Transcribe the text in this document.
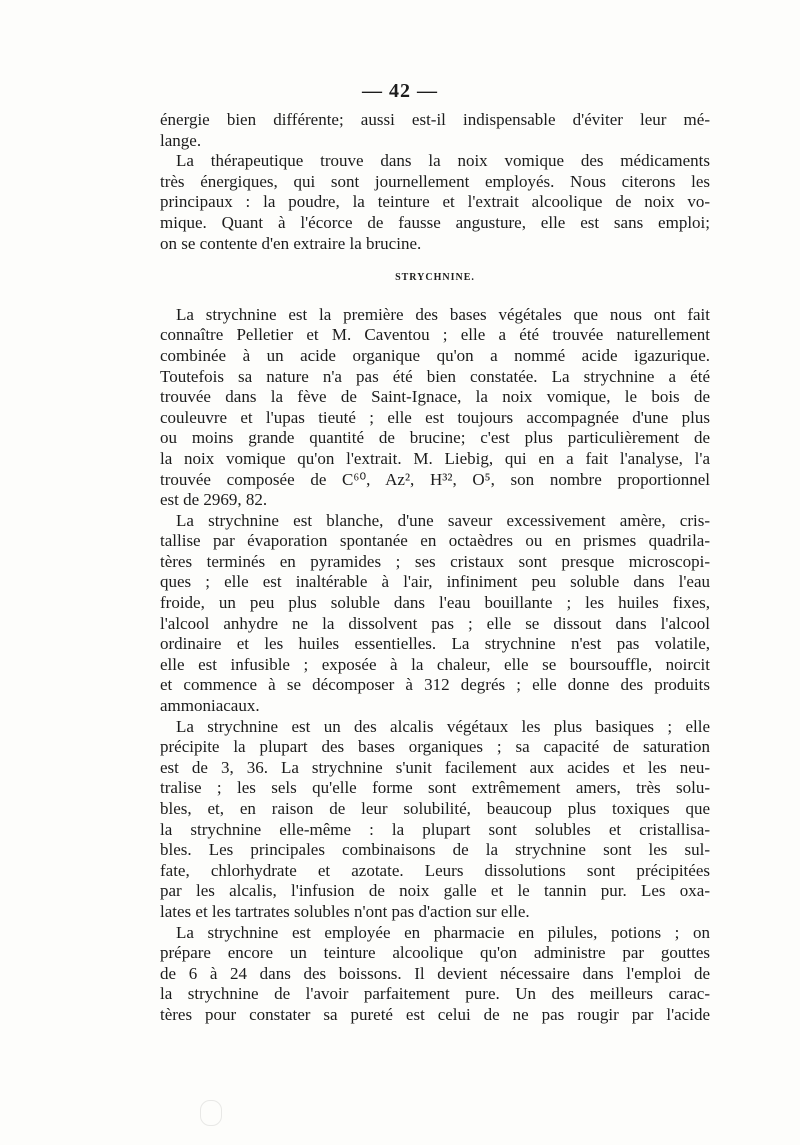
— 42 —
énergie bien différente; aussi est-il indispensable d'éviter leur mé-
lange.
La thérapeutique trouve dans la noix vomique des médicaments
très énergiques, qui sont journellement employés. Nous citerons les
principaux : la poudre, la teinture et l'extrait alcoolique de noix vo-
mique. Quant à l'écorce de fausse angusture, elle est sans emploi;
on se contente d'en extraire la brucine.
STRYCHNINE.
La strychnine est la première des bases végétales que nous ont fait
connaître Pelletier et M. Caventou ; elle a été trouvée naturellement
combinée à un acide organique qu'on a nommé acide igazurique.
Toutefois sa nature n'a pas été bien constatée. La strychnine a été
trouvée dans la fève de Saint-Ignace, la noix vomique, le bois de
couleuvre et l'upas tieuté ; elle est toujours accompagnée d'une plus
ou moins grande quantité de brucine; c'est plus particulièrement de
la noix vomique qu'on l'extrait. M. Liebig, qui en a fait l'analyse, l'a
trouvée composée de C⁶⁰, Az², H³², O⁵, son nombre proportionnel
est de 2969, 82.
La strychnine est blanche, d'une saveur excessivement amère, cris-
tallise par évaporation spontanée en octaèdres ou en prismes quadrila-
tères terminés en pyramides ; ses cristaux sont presque microscopi-
ques ; elle est inaltérable à l'air, infiniment peu soluble dans l'eau
froide, un peu plus soluble dans l'eau bouillante ; les huiles fixes,
l'alcool anhydre ne la dissolvent pas ; elle se dissout dans l'alcool
ordinaire et les huiles essentielles. La strychnine n'est pas volatile,
elle est infusible ; exposée à la chaleur, elle se boursouffle, noircit
et commence à se décomposer à 312 degrés ; elle donne des produits
ammoniacaux.
La strychnine est un des alcalis végétaux les plus basiques ; elle
précipite la plupart des bases organiques ; sa capacité de saturation
est de 3, 36. La strychnine s'unit facilement aux acides et les neu-
tralise ; les sels qu'elle forme sont extrêmement amers, très solu-
bles, et, en raison de leur solubilité, beaucoup plus toxiques que
la strychnine elle-même : la plupart sont solubles et cristallisa-
bles. Les principales combinaisons de la strychnine sont les sul-
fate, chlorhydrate et azotate. Leurs dissolutions sont précipitées
par les alcalis, l'infusion de noix galle et le tannin pur. Les oxa-
lates et les tartrates solubles n'ont pas d'action sur elle.
La strychnine est employée en pharmacie en pilules, potions ; on
prépare encore un teinture alcoolique qu'on administre par gouttes
de 6 à 24 dans des boissons. Il devient nécessaire dans l'emploi de
la strychnine de l'avoir parfaitement pure. Un des meilleurs carac-
tères pour constater sa pureté est celui de ne pas rougir par l'acide
